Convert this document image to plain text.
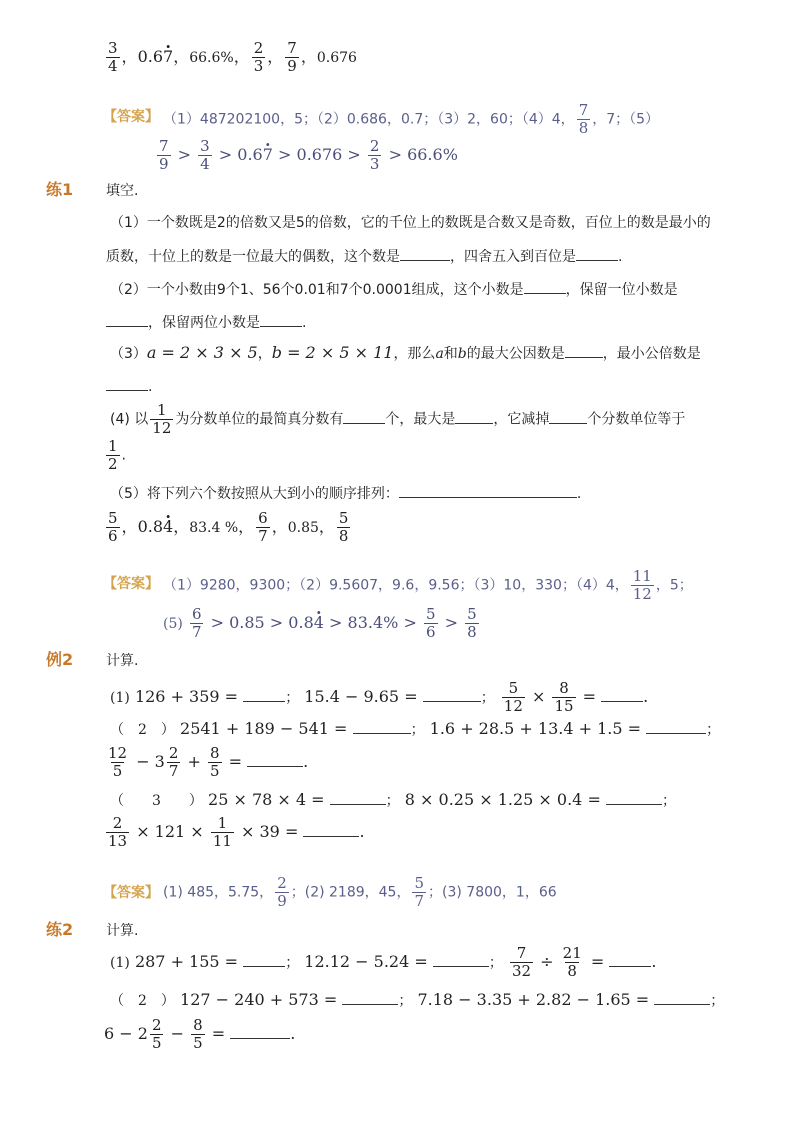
$\frac{3}{4}$ ，0.6· 7，66.6%， $\frac{2}{3}$ ， $\frac{7}{9}$ ，0.676
【答案】 （1）487202100，5；（2）0.686，0.7；（3）2，60；（4）4， $\frac{7}{8}$ ，7；（5）
$\frac{7}{9} > \frac{3}{4} > 0.6\cdot 7 > 0.676 > \frac{2}{3} > 66.6\%$
练1 填空.
（1）一个数既是2的倍数又是5的倍数，它的千位上的数既是合数又是奇数，百位上的数是最小的
质数，十位上的数是一位最大的偶数，这个数是	，四舍五入到百位是	.
（2）一个小数由9个1、56个0.01和7个0.0001组成，这个小数是	，保留一位小数是
，保留两位小数是	.
（3）a = 2 × 3 × 5，b = 2 × 5 × 11，那么a和b的最大公因数是	，最小公倍数是
.
(4) 以 $\frac{1}{12}$ 为分数单位的最简真分数有	个，最大是	，它减掉	个分数单位等于
$\frac{1}{2}$ .
（5）将下列六个数按照从大到小的顺序排列：	.
$\frac{5}{6}$ ，0.8· 4，83.4 %， $\frac{6}{7}$ ，0.85， $\frac{5}{8}$
【答案】 （1）9280，9300；（2）9.5607，9.6，9.56；（3）10，330；（4）4， $\frac{11}{12}$ ，5；
$(5) \frac{6}{7} > 0.85 > 0.8\cdot 4 > 83.4\% > \frac{5}{6} > \frac{5}{8}$
例2 计算.
(1) 126 + 359 =	； 15.4 − 9.65 =	； $\frac{5}{12} \times \frac{8}{15}$ =	.
（　2　） 2541 + 189 − 541 =	； 1.6 + 28.5 + 13.4 + 1.5 =	；
$\frac{12}{5} - 3 \frac{2}{7} + \frac{8}{5}$ =	.
（　　3　　） 25 × 78 × 4 =	； 8 × 0.25 × 1.25 × 0.4 =	；
$\frac{2}{13} \times 121 \times \frac{1}{11} \times 39$ =	.
【答案】 (1) 485，5.75， $\frac{2}{9}$ ；(2) 2189，45， $\frac{5}{7}$ ；(3) 7800，1，66
练2 计算.
(1) 287 + 155 =	； 12.12 − 5.24 =	； $\frac{7}{32} \div \frac{21}{8}$ =	.
（　2　） 127 − 240 + 573 =	； 7.18 − 3.35 + 2.82 − 1.65 =	；
$6 - 2 \frac{2}{5} - \frac{8}{5}$ =	.
